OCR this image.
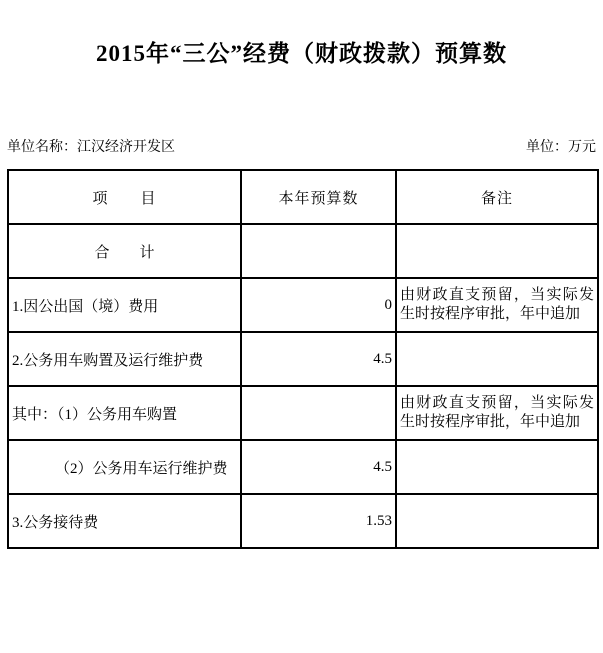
2015年“三公”经费（财政拨款）预算数
单位名称：江汉经济开发区	单位：万元
项　　目	本年预算数	备注
合　　计		
1.因公出国（境）费用	0	由财政直支预留，当实际发生时按程序审批，年中追加
2.公务用车购置及运行维护费	4.5	
其中：（1）公务用车购置		由财政直支预留，当实际发生时按程序审批，年中追加
（2）公务用车运行维护费	4.5	
3.公务接待费	1.53	
